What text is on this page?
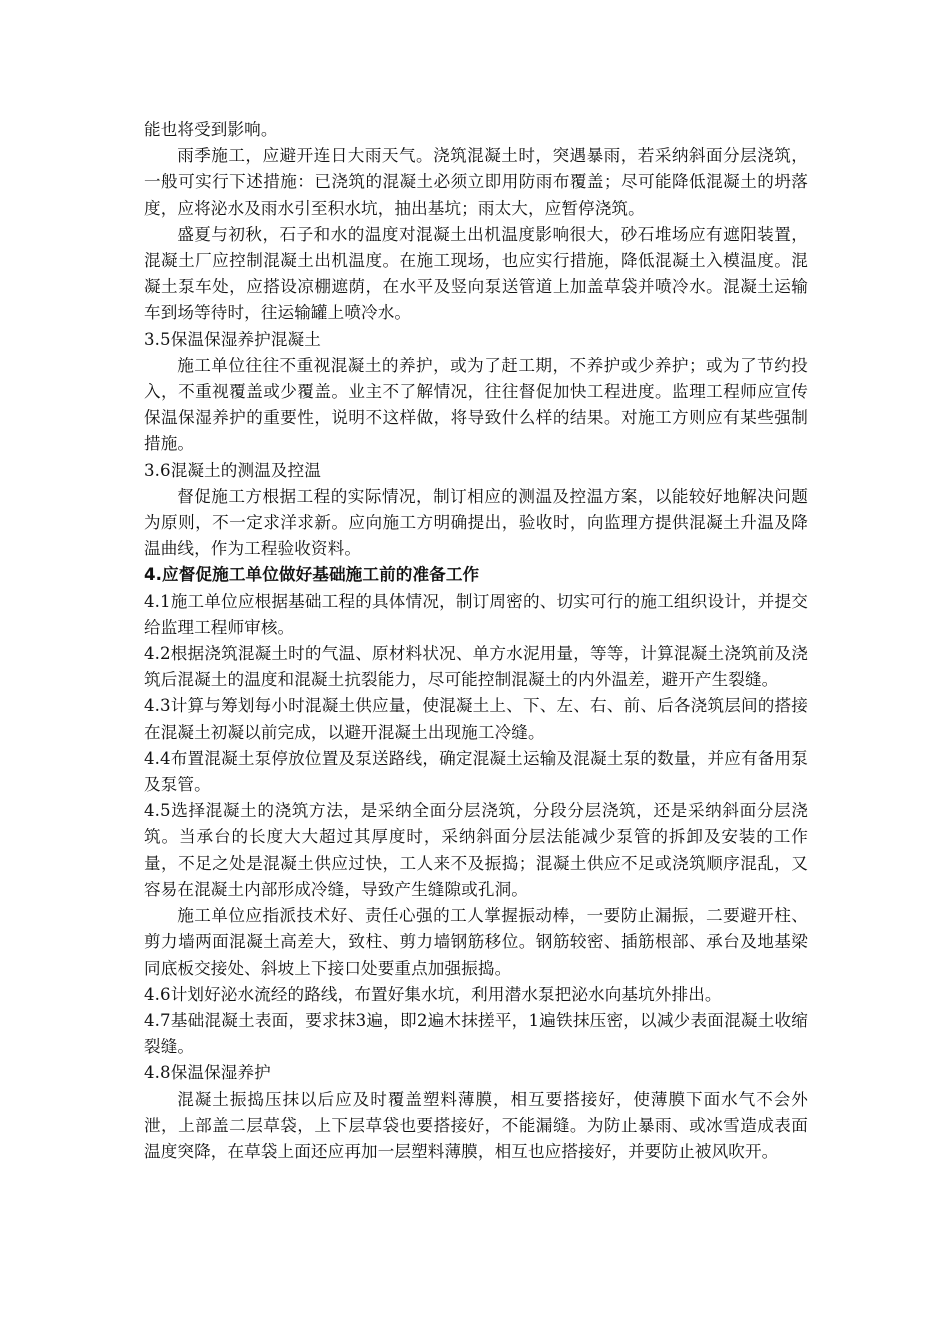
能也将受到影响。

雨季施工，应避开连日大雨天气。浇筑混凝土时，突遇暴雨，若采纳斜面分层浇筑，一般可实行下述措施：已浇筑的混凝土必须立即用防雨布覆盖；尽可能降低混凝土的坍落度，应将泌水及雨水引至积水坑，抽出基坑；雨太大，应暂停浇筑。

盛夏与初秋，石子和水的温度对混凝土出机温度影响很大，砂石堆场应有遮阳装置，混凝土厂应控制混凝土出机温度。在施工现场，也应实行措施，降低混凝土入模温度。混凝土泵车处，应搭设凉棚遮荫，在水平及竖向泵送管道上加盖草袋并喷冷水。混凝土运输车到场等待时，往运输罐上喷冷水。

3.5保温保湿养护混凝土

施工单位往往不重视混凝土的养护，或为了赶工期，不养护或少养护；或为了节约投入，不重视覆盖或少覆盖。业主不了解情况，往往督促加快工程进度。监理工程师应宣传保温保湿养护的重要性，说明不这样做，将导致什么样的结果。对施工方则应有某些强制措施。

3.6混凝土的测温及控温

督促施工方根据工程的实际情况，制订相应的测温及控温方案，以能较好地解决问题为原则，不一定求洋求新。应向施工方明确提出，验收时，向监理方提供混凝土升温及降温曲线，作为工程验收资料。

4.应督促施工单位做好基础施工前的准备工作

4.1施工单位应根据基础工程的具体情况，制订周密的、切实可行的施工组织设计，并提交给监理工程师审核。

4.2根据浇筑混凝土时的气温、原材料状况、单方水泥用量，等等，计算混凝土浇筑前及浇筑后混凝土的温度和混凝土抗裂能力，尽可能控制混凝土的内外温差，避开产生裂缝。

4.3计算与筹划每小时混凝土供应量，使混凝土上、下、左、右、前、后各浇筑层间的搭接在混凝土初凝以前完成，以避开混凝土出现施工冷缝。

4.4布置混凝土泵停放位置及泵送路线，确定混凝土运输及混凝土泵的数量，并应有备用泵及泵管。

4.5选择混凝土的浇筑方法，是采纳全面分层浇筑，分段分层浇筑，还是采纳斜面分层浇筑。当承台的长度大大超过其厚度时，采纳斜面分层法能减少泵管的拆卸及安装的工作量，不足之处是混凝土供应过快，工人来不及振捣；混凝土供应不足或浇筑顺序混乱，又容易在混凝土内部形成冷缝，导致产生缝隙或孔洞。

施工单位应指派技术好、责任心强的工人掌握振动棒，一要防止漏振，二要避开柱、剪力墙两面混凝土高差大，致柱、剪力墙钢筋移位。钢筋较密、插筋根部、承台及地基梁同底板交接处、斜坡上下接口处要重点加强振捣。

4.6计划好泌水流经的路线，布置好集水坑，利用潜水泵把泌水向基坑外排出。

4.7基础混凝土表面，要求抹3遍，即2遍木抹搓平，1遍铁抹压密，以减少表面混凝土收缩裂缝。

4.8保温保湿养护

混凝土振捣压抹以后应及时覆盖塑料薄膜，相互要搭接好，使薄膜下面水气不会外泄，上部盖二层草袋，上下层草袋也要搭接好，不能漏缝。为防止暴雨、或冰雪造成表面温度突降，在草袋上面还应再加一层塑料薄膜，相互也应搭接好，并要防止被风吹开。
